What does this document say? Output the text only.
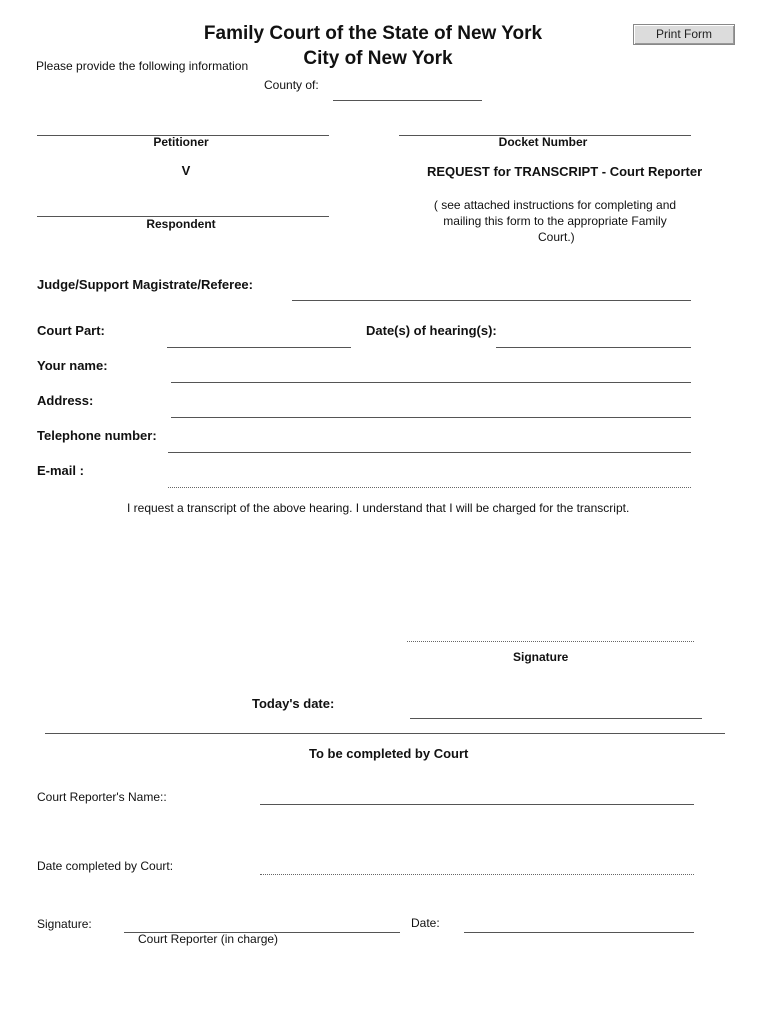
Family Court of the State of New York
City of New York
Print Form
Please provide the following information
County of:
Petitioner
V
Respondent
Docket Number
REQUEST for TRANSCRIPT - Court Reporter
( see attached instructions for completing and
mailing this form to the appropriate Family
Court.)
Judge/Support Magistrate/Referee:
Court Part:	Date(s) of hearing(s):
Your name:
Address:
Telephone number:
E-mail :
I request a transcript of the above hearing. I understand that I will be charged for the transcript.
Signature
Today's date:
To be completed by Court
Court Reporter's Name::
Date completed by Court:
Signature:
Court Reporter (in charge)
Date:
